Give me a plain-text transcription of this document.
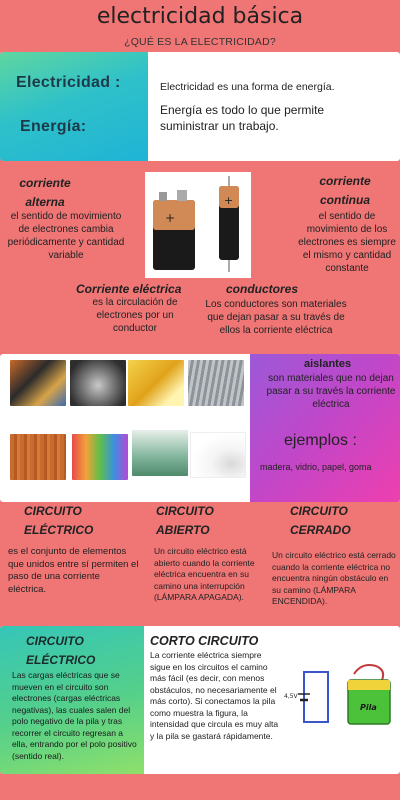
electricidad básica
¿QUÉ ES LA ELECTRICIDAD?
Electricidad :
Energía:
Electricidad es una forma de energía.
Energía es todo lo que permite suministrar un trabajo.
corriente
alterna
el sentido de movimiento de electrones cambia periódicamente y cantidad variable
+
+
corriente
continua
el sentido de movimiento de los electrones es siempre el mismo y cantidad constante
Corriente eléctrica
es la circulación de electrones por un conductor
conductores
Los conductores son materiales que dejan pasar a su través de ellos la corriente eléctrica
aislantes
son materiales que no dejan pasar a su través la corriente eléctrica
ejemplos :
madera, vidrio, papel, goma
CIRCUITO
ELÉCTRICO
es el conjunto de elementos que unidos entre sí permiten el paso de una corriente eléctrica.
CIRCUITO
ABIERTO
Un circuito eléctrico está abierto cuando la corriente eléctrica encuentra en su camino una interrupción (LÁMPARA APAGADA).
CIRCUITO
CERRADO
Un circuito eléctrico está cerrado cuando la corriente eléctrica no encuentra ningún obstáculo en su camino (LÁMPARA ENCENDIDA).
CIRCUITO
ELÉCTRICO
Las cargas eléctricas que se mueven en el circuito son electrones (cargas eléctricas negativas), las cuales salen del polo negativo de la pila y tras recorrer el circuito regresan a ella, entrando por el polo positivo (sentido real).
CORTO CIRCUITO
La corriente eléctrica siempre sigue en los circuitos el camino más fácil (es decir, con menos obstáculos, no necesariamente el más corto). Si conectamos la pila como muestra la figura, la intensidad que circula es muy alta y la pila se gastará rápidamente.
4,5V
Pila
